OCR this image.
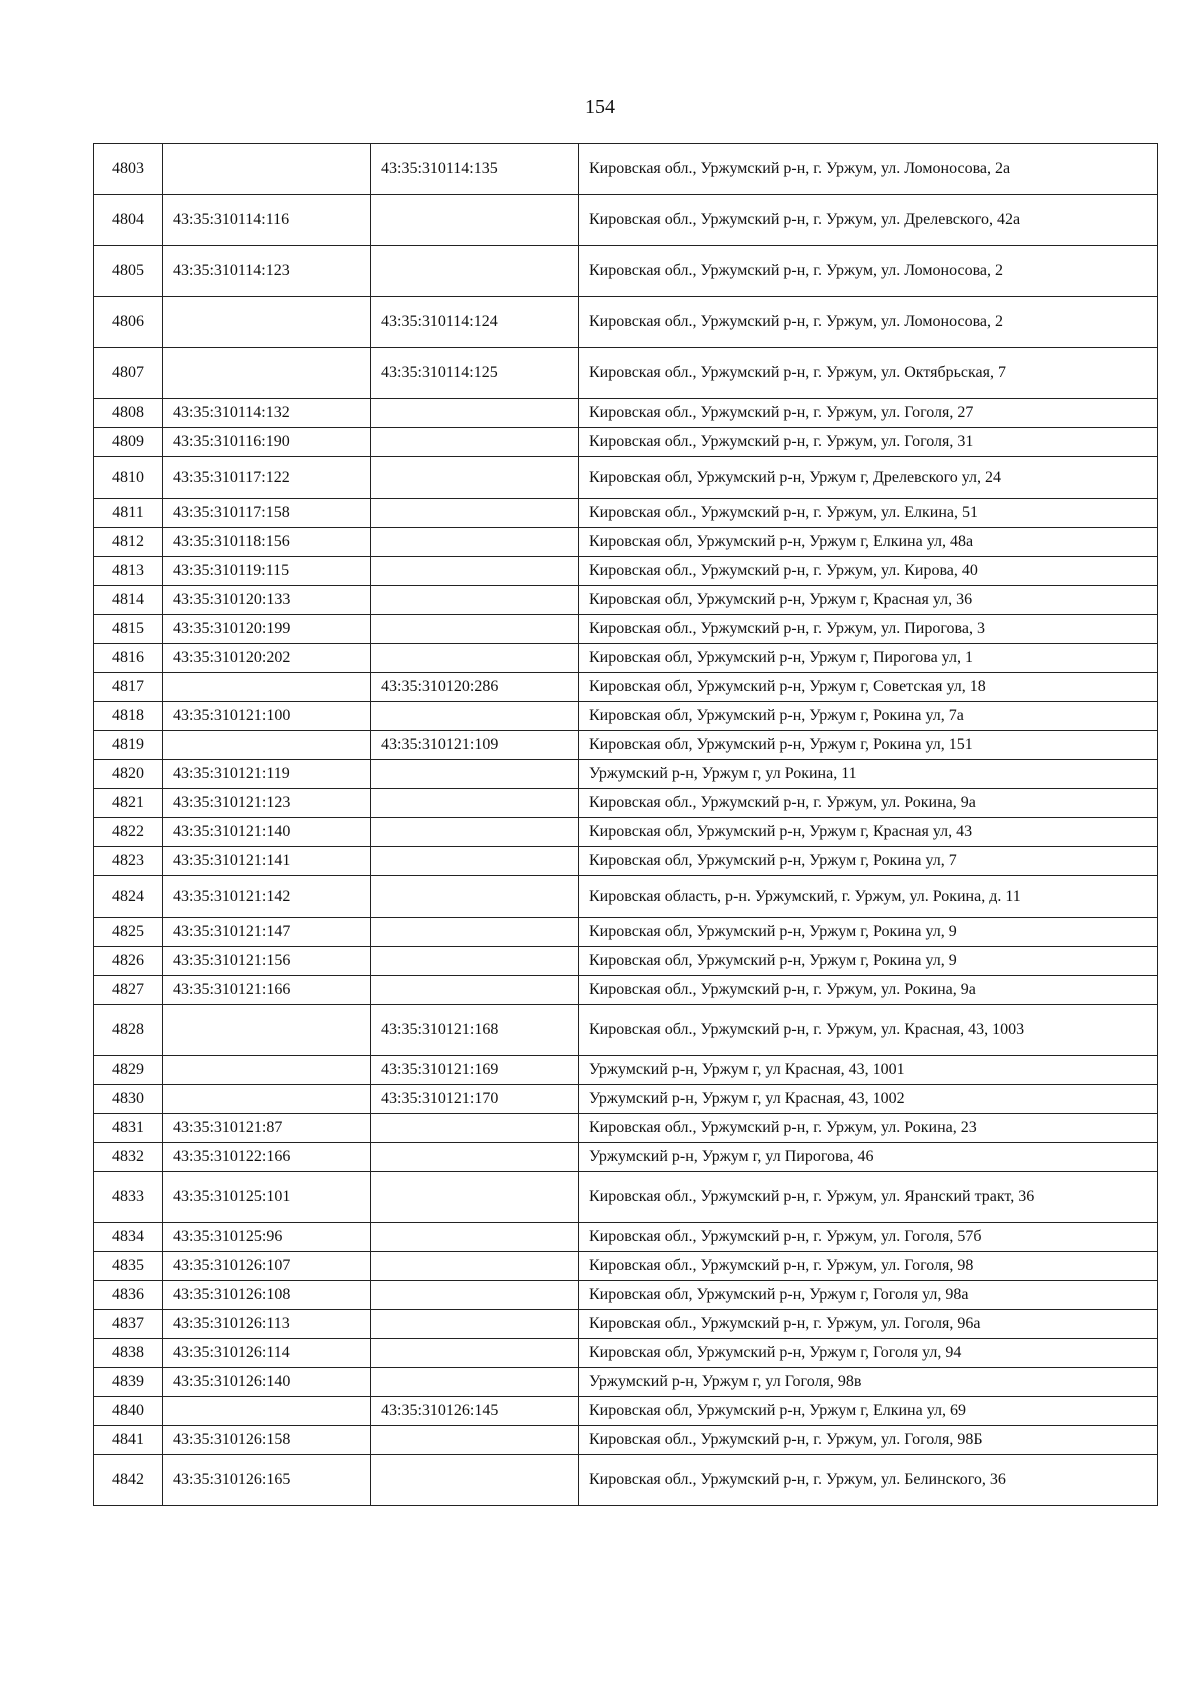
154
4803		43:35:310114:135	Кировская обл., Уржумский р-н, г. Уржум, ул. Ломоносова, 2а
4804	43:35:310114:116		Кировская обл., Уржумский р-н, г. Уржум, ул. Дрелевского, 42а
4805	43:35:310114:123		Кировская обл., Уржумский р-н, г. Уржум, ул. Ломоносова, 2
4806		43:35:310114:124	Кировская обл., Уржумский р-н, г. Уржум, ул. Ломоносова, 2
4807		43:35:310114:125	Кировская обл., Уржумский р-н, г. Уржум, ул. Октябрьская, 7
4808	43:35:310114:132		Кировская обл., Уржумский р-н, г. Уржум, ул. Гоголя, 27
4809	43:35:310116:190		Кировская обл., Уржумский р-н, г. Уржум, ул. Гоголя, 31
4810	43:35:310117:122		Кировская обл, Уржумский р-н, Уржум г, Дрелевского ул, 24
4811	43:35:310117:158		Кировская обл., Уржумский р-н, г. Уржум, ул. Елкина, 51
4812	43:35:310118:156		Кировская обл, Уржумский р-н, Уржум г, Елкина ул, 48а
4813	43:35:310119:115		Кировская обл., Уржумский р-н, г. Уржум, ул. Кирова, 40
4814	43:35:310120:133		Кировская обл, Уржумский р-н, Уржум г, Красная ул, 36
4815	43:35:310120:199		Кировская обл., Уржумский р-н, г. Уржум, ул. Пирогова, 3
4816	43:35:310120:202		Кировская обл, Уржумский р-н, Уржум г, Пирогова ул, 1
4817		43:35:310120:286	Кировская обл, Уржумский р-н, Уржум г, Советская ул, 18
4818	43:35:310121:100		Кировская обл, Уржумский р-н, Уржум г, Рокина ул, 7а
4819		43:35:310121:109	Кировская обл, Уржумский р-н, Уржум г, Рокина ул, 151
4820	43:35:310121:119		Уржумский р-н, Уржум г, ул Рокина, 11
4821	43:35:310121:123		Кировская обл., Уржумский р-н, г. Уржум, ул. Рокина, 9а
4822	43:35:310121:140		Кировская обл, Уржумский р-н, Уржум г, Красная ул, 43
4823	43:35:310121:141		Кировская обл, Уржумский р-н, Уржум г, Рокина ул, 7
4824	43:35:310121:142		Кировская область, р-н. Уржумский, г. Уржум, ул. Рокина, д. 11
4825	43:35:310121:147		Кировская обл, Уржумский р-н, Уржум г, Рокина ул, 9
4826	43:35:310121:156		Кировская обл, Уржумский р-н, Уржум г, Рокина ул, 9
4827	43:35:310121:166		Кировская обл., Уржумский р-н, г. Уржум, ул. Рокина, 9а
4828		43:35:310121:168	Кировская обл., Уржумский р-н, г. Уржум, ул. Красная, 43, 1003
4829		43:35:310121:169	Уржумский р-н, Уржум г, ул Красная, 43, 1001
4830		43:35:310121:170	Уржумский р-н, Уржум г, ул Красная, 43, 1002
4831	43:35:310121:87		Кировская обл., Уржумский р-н, г. Уржум, ул. Рокина, 23
4832	43:35:310122:166		Уржумский р-н, Уржум г, ул Пирогова, 46
4833	43:35:310125:101		Кировская обл., Уржумский р-н, г. Уржум, ул. Яранский тракт, 36
4834	43:35:310125:96		Кировская обл., Уржумский р-н, г. Уржум, ул. Гоголя, 57б
4835	43:35:310126:107		Кировская обл., Уржумский р-н, г. Уржум, ул. Гоголя, 98
4836	43:35:310126:108		Кировская обл, Уржумский р-н, Уржум г, Гоголя ул, 98а
4837	43:35:310126:113		Кировская обл., Уржумский р-н, г. Уржум, ул. Гоголя, 96а
4838	43:35:310126:114		Кировская обл, Уржумский р-н, Уржум г, Гоголя ул, 94
4839	43:35:310126:140		Уржумский р-н, Уржум г, ул Гоголя, 98в
4840		43:35:310126:145	Кировская обл, Уржумский р-н, Уржум г, Елкина ул, 69
4841	43:35:310126:158		Кировская обл., Уржумский р-н, г. Уржум, ул. Гоголя, 98Б
4842	43:35:310126:165		Кировская обл., Уржумский р-н, г. Уржум, ул. Белинского, 36
